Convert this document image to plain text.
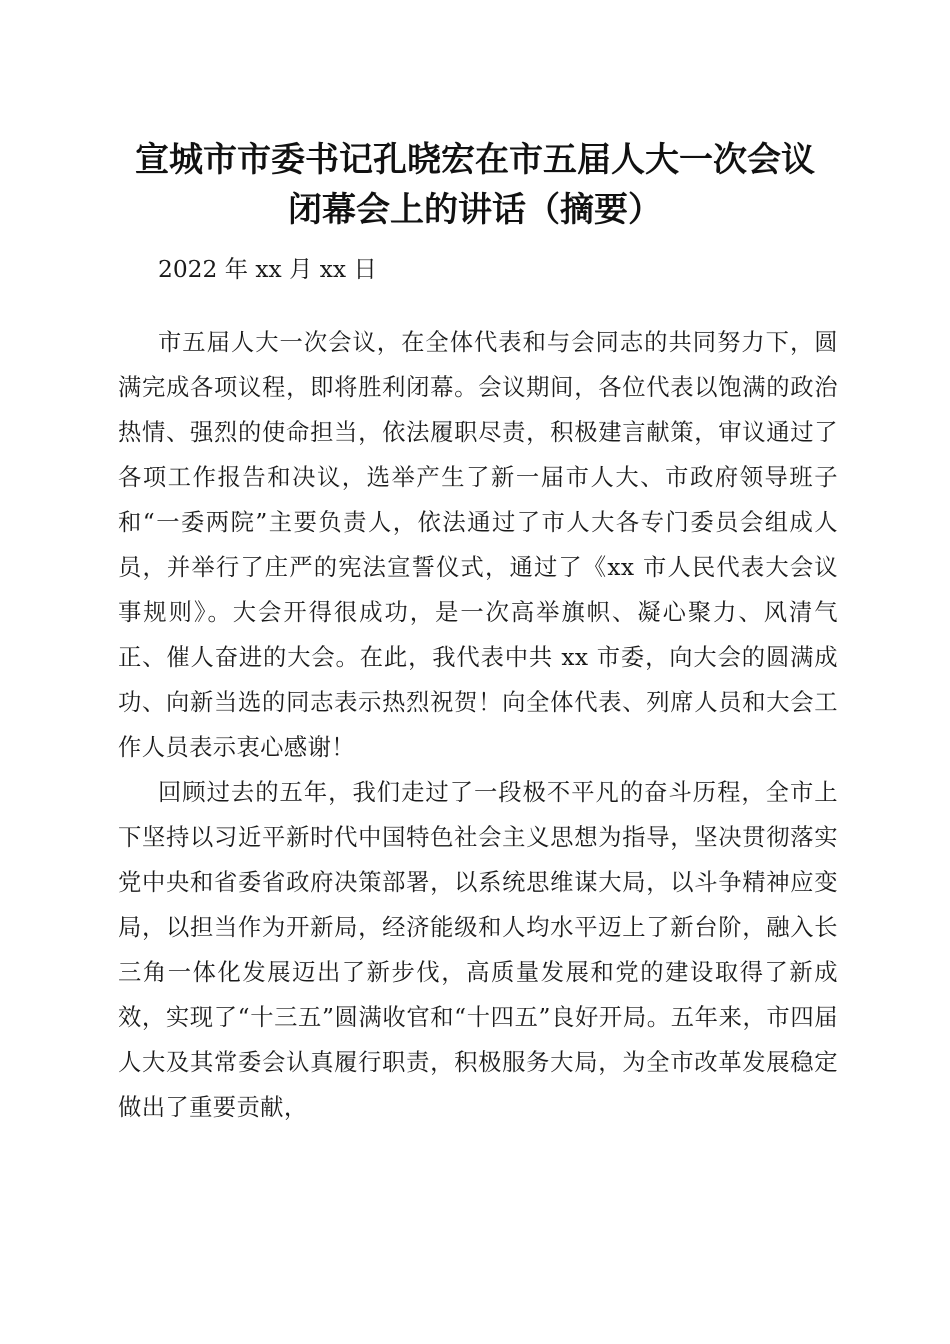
宣城市市委书记孔晓宏在市五届人大一次会议
闭幕会上的讲话（摘要）

2022 年 xx 月 xx 日

市五届人大一次会议，在全体代表和与会同志的共同努力下，圆满完成各项议程，即将胜利闭幕。会议期间，各位代表以饱满的政治热情、强烈的使命担当，依法履职尽责，积极建言献策，审议通过了各项工作报告和决议，选举产生了新一届市人大、市政府领导班子和“一委两院”主要负责人，依法通过了市人大各专门委员会组成人员，并举行了庄严的宪法宣誓仪式，通过了《xx 市人民代表大会议事规则》。大会开得很成功，是一次高举旗帜、凝心聚力、风清气正、催人奋进的大会。在此，我代表中共 xx 市委，向大会的圆满成功、向新当选的同志表示热烈祝贺！向全体代表、列席人员和大会工作人员表示衷心感谢！

回顾过去的五年，我们走过了一段极不平凡的奋斗历程，全市上下坚持以习近平新时代中国特色社会主义思想为指导，坚决贯彻落实党中央和省委省政府决策部署，以系统思维谋大局，以斗争精神应变局，以担当作为开新局，经济能级和人均水平迈上了新台阶，融入长三角一体化发展迈出了新步伐，高质量发展和党的建设取得了新成效，实现了“十三五”圆满收官和“十四五”良好开局。五年来，市四届人大及其常委会认真履行职责，积极服务大局，为全市改革发展稳定做出了重要贡献，
